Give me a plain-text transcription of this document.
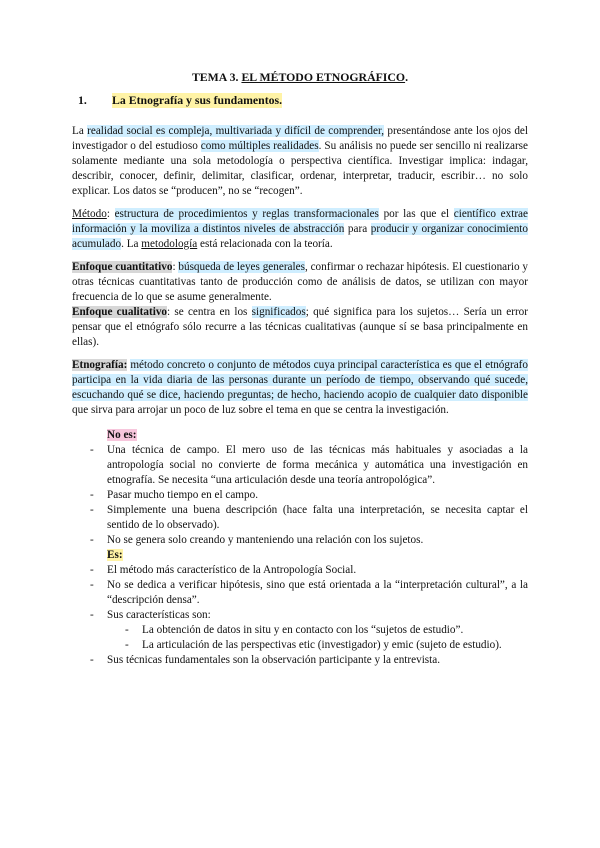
TEMA 3. EL MÉTODO ETNOGRÁFICO.
1.	La Etnografía y sus fundamentos.

La realidad social es compleja, multivariada y difícil de comprender, presentándose ante los ojos del investigador o del estudioso como múltiples realidades. Su análisis no puede ser sencillo ni realizarse solamente mediante una sola metodología o perspectiva científica. Investigar implica: indagar, describir, conocer, definir, delimitar, clasificar, ordenar, interpretar, traducir, escribir… no solo explicar. Los datos se “producen”, no se “recogen”.

Método: estructura de procedimientos y reglas transformacionales por las que el científico extrae información y la moviliza a distintos niveles de abstracción para producir y organizar conocimiento acumulado. La metodología está relacionada con la teoría.

Enfoque cuantitativo: búsqueda de leyes generales, confirmar o rechazar hipótesis. El cuestionario y otras técnicas cuantitativas tanto de producción como de análisis de datos, se utilizan con mayor frecuencia de lo que se asume generalmente.

Enfoque cualitativo: se centra en los significados; qué significa para los sujetos… Sería un error pensar que el etnógrafo sólo recurre a las técnicas cualitativas (aunque sí se basa principalmente en ellas).

Etnografía: método concreto o conjunto de métodos cuya principal característica es que el etnógrafo participa en la vida diaria de las personas durante un período de tiempo, observando qué sucede, escuchando qué se dice, haciendo preguntas; de hecho, haciendo acopio de cualquier dato disponible que sirva para arrojar un poco de luz sobre el tema en que se centra la investigación.

No es:
- Una técnica de campo. El mero uso de las técnicas más habituales y asociadas a la antropología social no convierte de forma mecánica y automática una investigación en etnografía. Se necesita “una articulación desde una teoría antropológica”.
- Pasar mucho tiempo en el campo.
- Simplemente una buena descripción (hace falta una interpretación, se necesita captar el sentido de lo observado).
- No se genera solo creando y manteniendo una relación con los sujetos.
Es:
- El método más característico de la Antropología Social.
- No se dedica a verificar hipótesis, sino que está orientada a la “interpretación cultural”, a la “descripción densa”.
- Sus características son:
- La obtención de datos in situ y en contacto con los “sujetos de estudio”.
- La articulación de las perspectivas etic (investigador) y emic (sujeto de estudio).
- Sus técnicas fundamentales son la observación participante y la entrevista.
